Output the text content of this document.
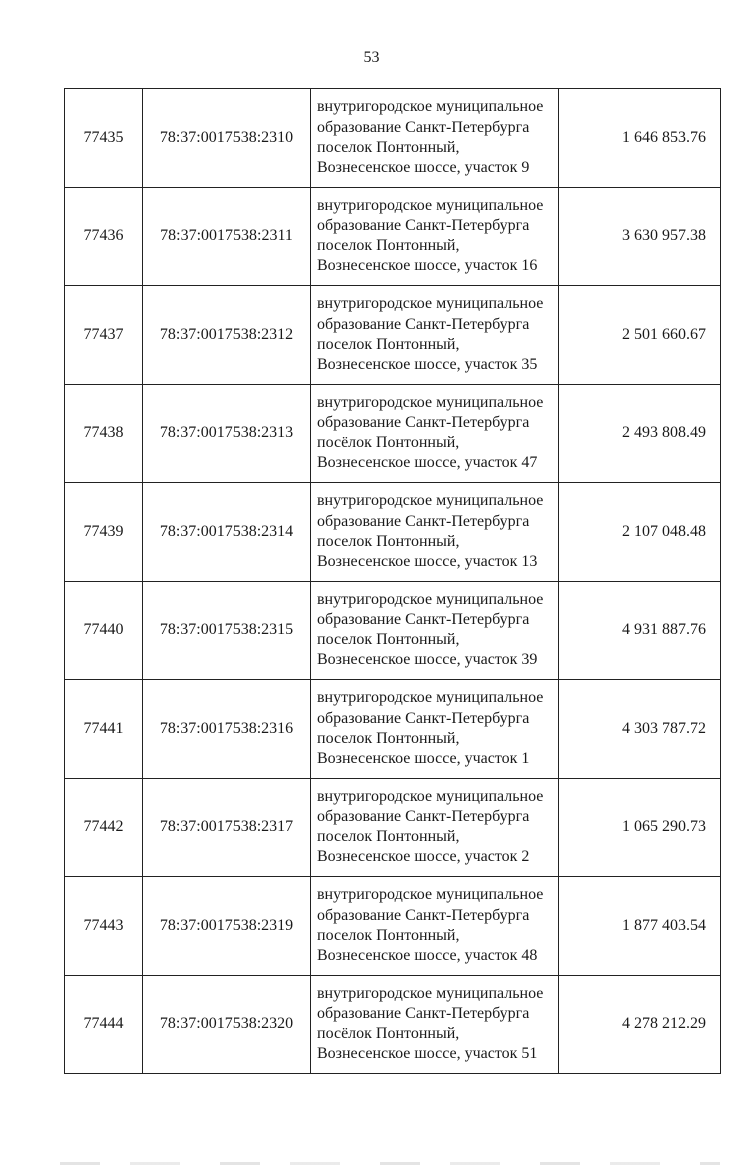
53
77435	78:37:0017538:2310	внутригородское муниципальное образование Санкт-Петербурга поселок Понтонный, Вознесенское шоссе, участок 9	1 646 853.76
77436	78:37:0017538:2311	внутригородское муниципальное образование Санкт-Петербурга поселок Понтонный, Вознесенское шоссе, участок 16	3 630 957.38
77437	78:37:0017538:2312	внутригородское муниципальное образование Санкт-Петербурга поселок Понтонный, Вознесенское шоссе, участок 35	2 501 660.67
77438	78:37:0017538:2313	внутригородское муниципальное образование Санкт-Петербурга посёлок Понтонный, Вознесенское шоссе, участок 47	2 493 808.49
77439	78:37:0017538:2314	внутригородское муниципальное образование Санкт-Петербурга поселок Понтонный, Вознесенское шоссе, участок 13	2 107 048.48
77440	78:37:0017538:2315	внутригородское муниципальное образование Санкт-Петербурга поселок Понтонный, Вознесенское шоссе, участок 39	4 931 887.76
77441	78:37:0017538:2316	внутригородское муниципальное образование Санкт-Петербурга поселок Понтонный, Вознесенское шоссе, участок 1	4 303 787.72
77442	78:37:0017538:2317	внутригородское муниципальное образование Санкт-Петербурга поселок Понтонный, Вознесенское шоссе, участок 2	1 065 290.73
77443	78:37:0017538:2319	внутригородское муниципальное образование Санкт-Петербурга поселок Понтонный, Вознесенское шоссе, участок 48	1 877 403.54
77444	78:37:0017538:2320	внутригородское муниципальное образование Санкт-Петербурга посёлок Понтонный, Вознесенское шоссе, участок 51	4 278 212.29
